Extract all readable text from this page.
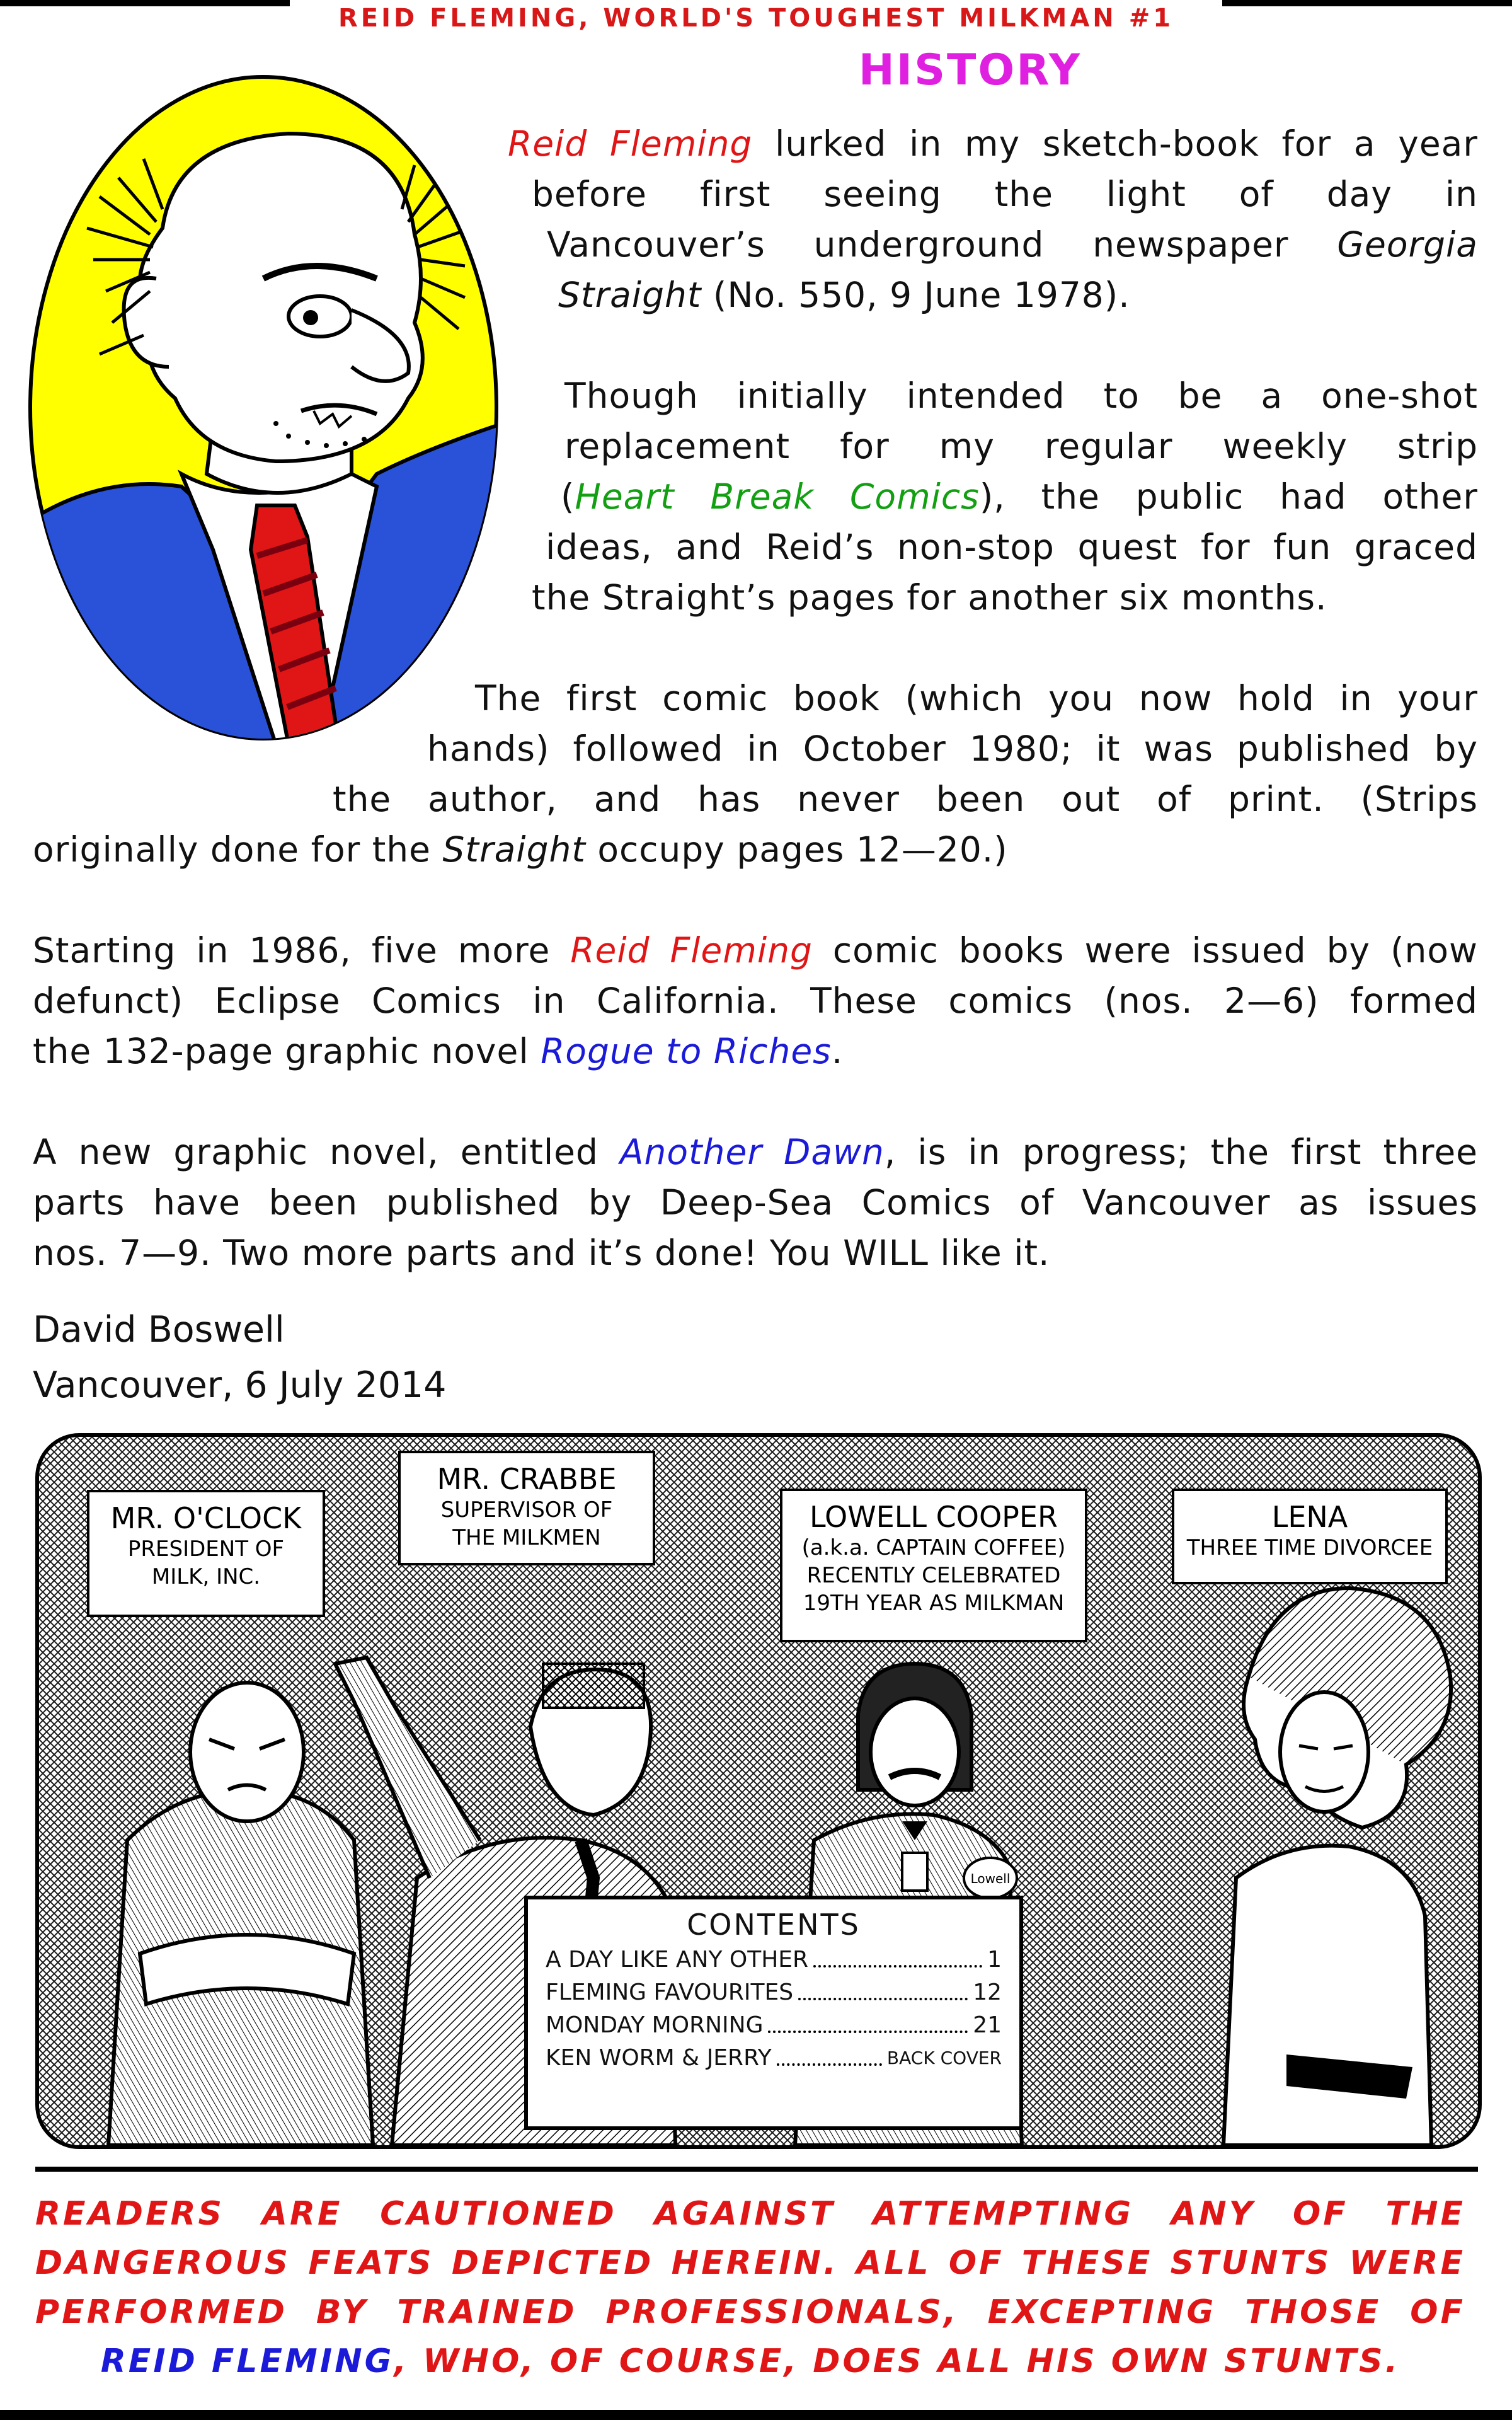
REID FLEMING, WORLD'S TOUGHEST MILKMAN #1
HISTORY
Reid Fleming lurked in my sketch-book for a year
before first seeing the light of day in
Vancouver’s underground newspaper Georgia
Straight (No. 550, 9 June 1978).
Though initially intended to be a one-shot
replacement for my regular weekly strip
(Heart Break Comics), the public had other
ideas, and Reid’s non-stop quest for fun graced
the Straight’s pages for another six months.
The first comic book (which you now hold in your
hands) followed in October 1980; it was published by
the author, and has never been out of print. (Strips
originally done for the Straight occupy pages 12—20.)
Starting in 1986, five more Reid Fleming comic books were issued by (now
defunct) Eclipse Comics in California. These comics (nos. 2—6) formed
the 132-page graphic novel Rogue to Riches.
A new graphic novel, entitled Another Dawn, is in progress; the first three
parts have been published by Deep-Sea Comics of Vancouver as issues
nos. 7—9. Two more parts and it’s done! You WILL like it.
David Boswell
Vancouver, 6 July 2014
Lowell
MR. O'CLOCK
PRESIDENT OF
MILK, INC.
MR. CRABBE
SUPERVISOR OF
THE MILKMEN
LOWELL COOPER
(a.k.a. CAPTAIN COFFEE)
RECENTLY CELEBRATED
19TH YEAR AS MILKMAN
LENA
THREE TIME DIVORCEE
CONTENTS
A DAY LIKE ANY OTHER	1
FLEMING FAVOURITES	12
MONDAY MORNING	21
KEN WORM & JERRY	BACK COVER
READERS ARE CAUTIONED AGAINST ATTEMPTING ANY OF THE
DANGEROUS FEATS DEPICTED HEREIN. ALL OF THESE STUNTS WERE
PERFORMED BY TRAINED PROFESSIONALS, EXCEPTING THOSE OF
REID FLEMING, WHO, OF COURSE, DOES ALL HIS OWN STUNTS.
